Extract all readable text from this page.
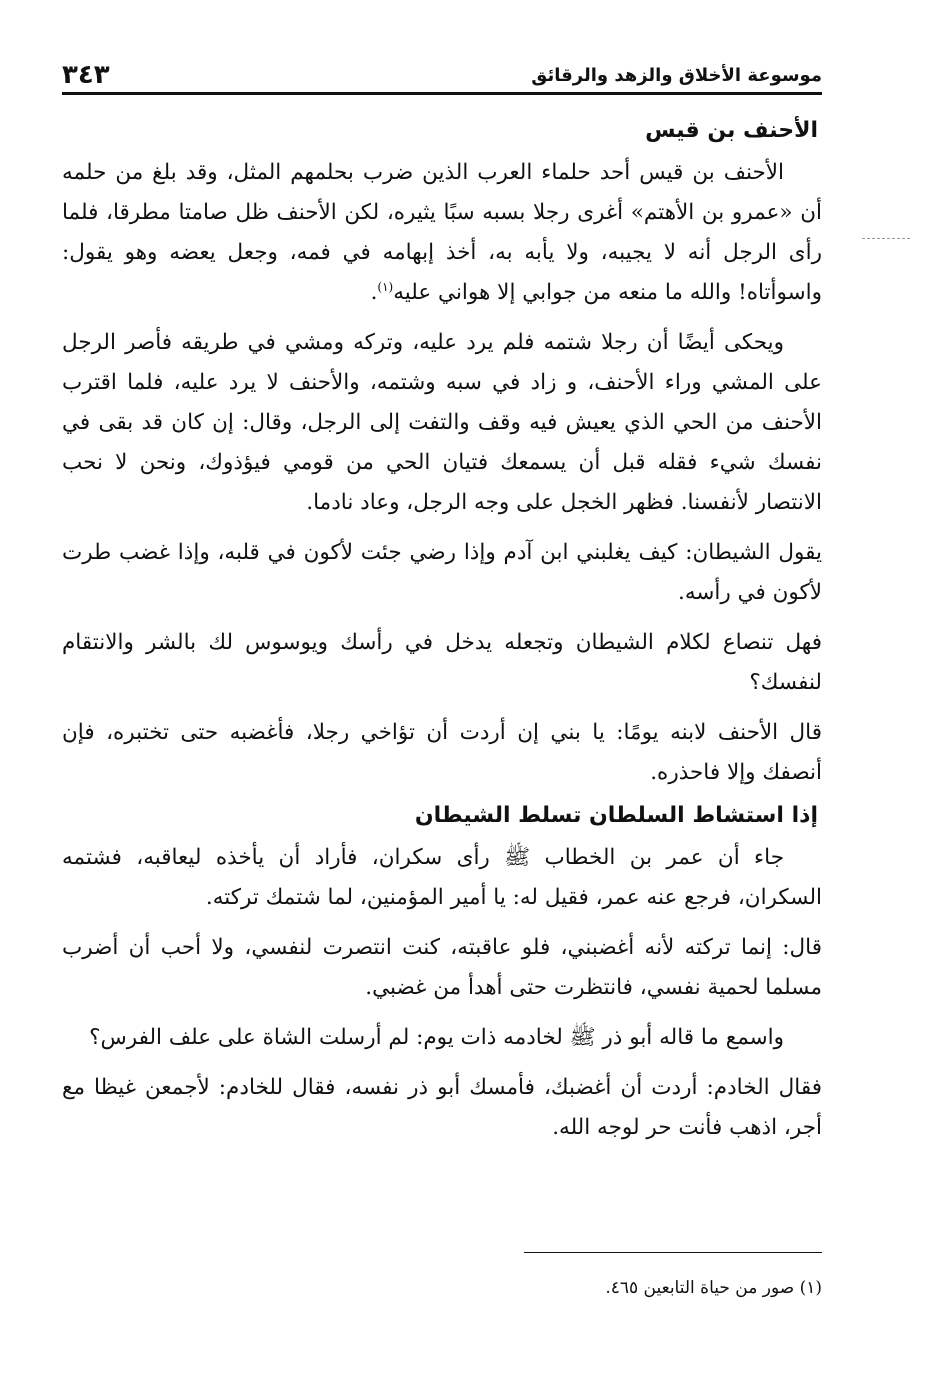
موسوعة الأخلاق والزهد والرقائق
٣٤٣
الأحنف بن قيس

الأحنف بن قيس أحد حلماء العرب الذين ضرب بحلمهم المثل، وقد بلغ من حلمه أن «عمرو بن الأهتم» أغرى رجلا بسبه سبًا يثيره، لكن الأحنف ظل صامتا مطرقا، فلما رأى الرجل أنه لا يجيبه، ولا يأبه به، أخذ إبهامه في فمه، وجعل يعضه وهو يقول: واسوأتاه! والله ما منعه من جوابي إلا هواني عليه$^{(١)}$.

ويحكى أيضًا أن رجلا شتمه فلم يرد عليه، وتركه ومشي في طريقه فأصر الرجل على المشي وراء الأحنف، و زاد في سبه وشتمه، والأحنف لا يرد عليه، فلما اقترب الأحنف من الحي الذي يعيش فيه وقف والتفت إلى الرجل، وقال: إن كان قد بقى في نفسك شيء فقله قبل أن يسمعك فتيان الحي من قومي فيؤذوك، ونحن لا نحب الانتصار لأنفسنا. فظهر الخجل على وجه الرجل، وعاد نادما.

يقول الشيطان: كيف يغلبني ابن آدم وإذا رضي جئت لأكون في قلبه، وإذا غضب طرت لأكون في رأسه.

فهل تنصاع لكلام الشيطان وتجعله يدخل في رأسك ويوسوس لك بالشر والانتقام لنفسك؟

قال الأحنف لابنه يومًا: يا بني إن أردت أن تؤاخي رجلا، فأغضبه حتى تختبره، فإن أنصفك وإلا فاحذره.

إذا استشاط السلطان تسلط الشيطان

جاء أن عمر بن الخطاب ﷺ رأى سكران، فأراد أن يأخذه ليعاقبه، فشتمه السكران، فرجع عنه عمر، فقيل له: يا أمير المؤمنين، لما شتمك تركته.

قال: إنما تركته لأنه أغضبني، فلو عاقبته، كنت انتصرت لنفسي، ولا أحب أن أضرب مسلما لحمية نفسي، فانتظرت حتى أهدأ من غضبي.

واسمع ما قاله أبو ذر ﷺ لخادمه ذات يوم: لم أرسلت الشاة على علف الفرس؟

فقال الخادم: أردت أن أغضبك، فأمسك أبو ذر نفسه، فقال للخادم: لأجمعن غيظا مع أجر، اذهب فأنت حر لوجه الله.

(١) صور من حياة التابعين ٤٦٥.
